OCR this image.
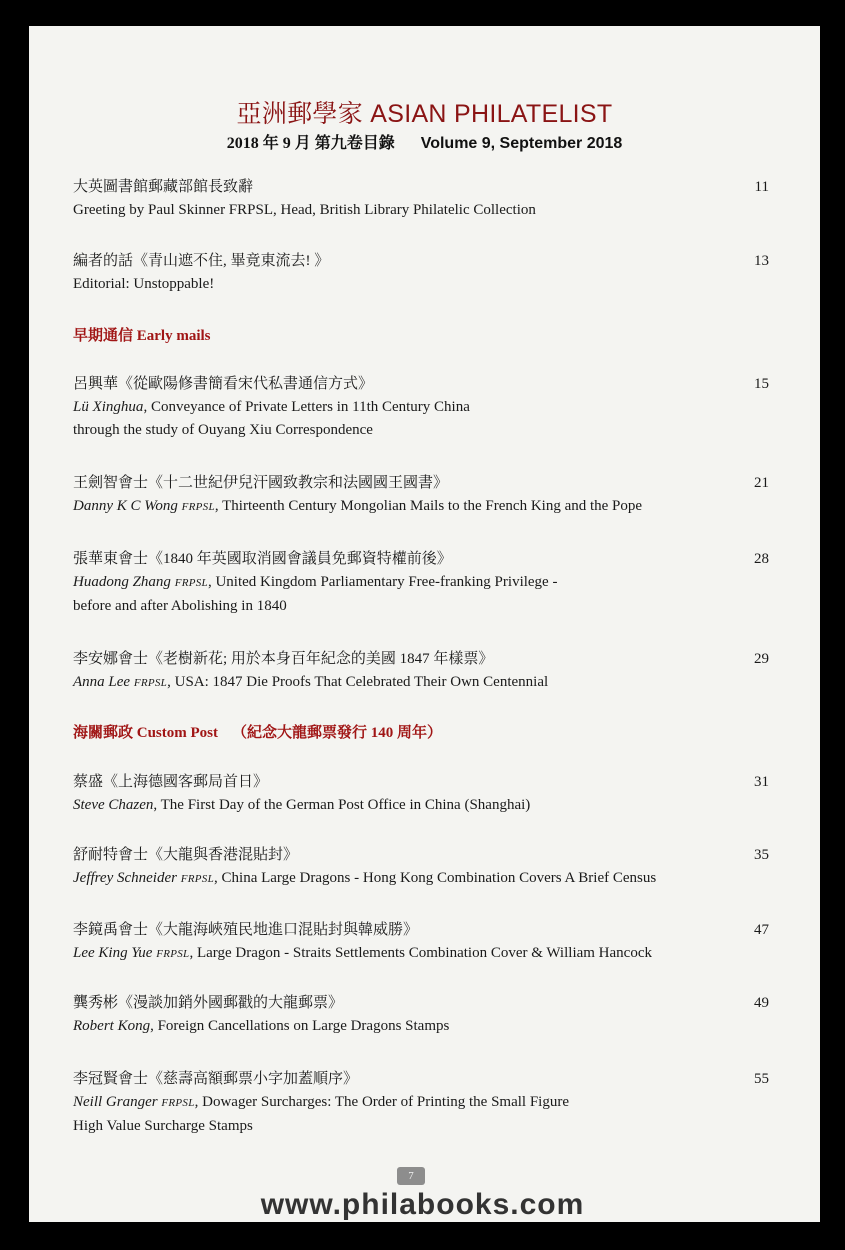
亞洲郵學家 ASIAN PHILATELIST
2018 年 9 月 第九卷目錄 Volume 9, September 2018
大英圖書館郵藏部館長致辭
Greeting by Paul Skinner FRPSL, Head, British Library Philatelic Collection
11
編者的話《青山遮不住, 畢竟東流去! 》
Editorial: Unstoppable!
13
早期通信 Early mails
呂興華《從歐陽修書簡看宋代私書通信方式》
Lü Xinghua, Conveyance of Private Letters in 11th Century China
through the study of Ouyang Xiu Correspondence
15
王劍智會士《十二世紀伊兒汗國致教宗和法國國王國書》
Danny K C Wong FRPSL, Thirteenth Century Mongolian Mails to the French King and the Pope
21
張華東會士《1840 年英國取消國會議員免郵資特權前後》
Huadong Zhang FRPSL, United Kingdom Parliamentary Free-franking Privilege -
before and after Abolishing in 1840
28
李安娜會士《老樹新花; 用於本身百年紀念的美國 1847 年樣票》
Anna Lee FRPSL, USA: 1847 Die Proofs That Celebrated Their Own Centennial
29
海關郵政 Custom Post （紀念大龍郵票發行 140 周年）
蔡盛《上海德國客郵局首日》
Steve Chazen, The First Day of the German Post Office in China (Shanghai)
31
舒耐特會士《大龍與香港混貼封》
Jeffrey Schneider FRPSL, China Large Dragons - Hong Kong Combination Covers A Brief Census
35
李鏡禹會士《大龍海峽殖民地進口混貼封與韓威勝》
Lee King Yue FRPSL, Large Dragon - Straits Settlements Combination Cover & William Hancock
47
龔秀彬《漫談加銷外國郵戳的大龍郵票》
Robert Kong, Foreign Cancellations on Large Dragons Stamps
49
李冠賢會士《慈壽高額郵票小字加蓋順序》
Neill Granger FRPSL, Dowager Surcharges: The Order of Printing the Small Figure
High Value Surcharge Stamps
55
7
www.philabooks.com
